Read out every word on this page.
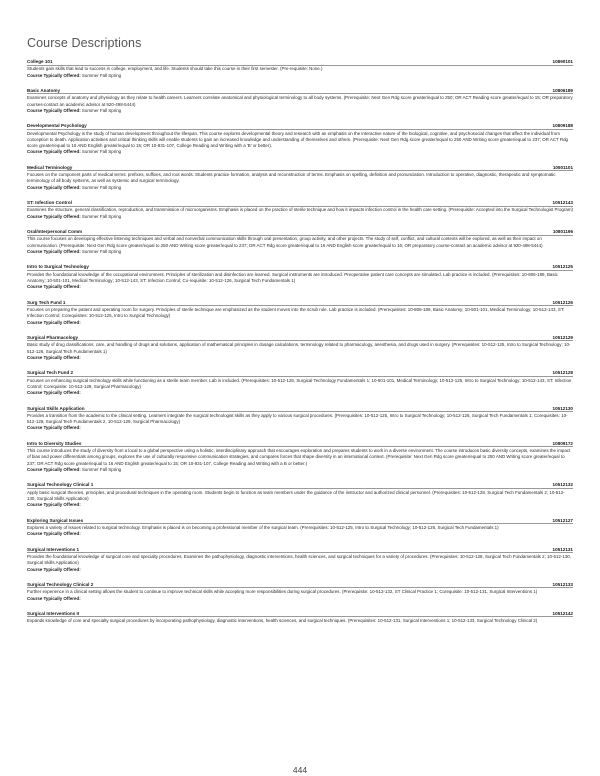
Course Descriptions
College 101	10890101
Students gain skills that lead to success in college, employment, and life. Students should take this course in their first semester. (Pre-requisite: None.)
Course Typically Offered: Summer Fall Spring
Basic Anatomy	10806189
Examines concepts of anatomy and physiology as they relate to health careers. Learners correlate anatomical and physiological terminology to all body systems. (Prerequisite: Next Gen Rdg score greater/equal to 250; OR ACT Reading score greater/equal to 15; OR preparatory courses-contact an academic advisor at 920-498-5444)
Course Typically Offered: Summer Fall Spring
Developmental Psychology	10809188
Developmental Psychology is the study of human development throughout the lifespan. This course explores developmental theory and research with an emphasis on the interactive nature of the biological, cognitive, and psychosocial changes that affect the individual from conception to death. Application activities and critical thinking skills will enable students to gain an increased knowledge and understanding of themselves and others. (Prerequisite: Next Gen Rdg score greater/equal to 250 AND Writing score greater/equal to 237; OR ACT Rdg score greater/equal to 16 AND English greater/equal to 15; OR 10-831-107, College Reading and Writing with a 'B' or better).
Course Typically Offered: Summer Fall Spring
Medical Terminology	10501101
Focuses on the component parts of medical terms: prefixes, suffixes, and root words. Students practice formation, analysis and reconstruction of terms. Emphasis on spelling, definition and pronunciation. Introduction to operative, diagnostic, therapeutic and symptomatic terminology of all body systems, as well as systemic and surgical terminology.
Course Typically Offered: Summer Fall Spring
ST: Infection Control	10512143
Examines the structure, general classification, reproduction, and transmission of microorganisms. Emphasis is placed on the practice of sterile technique and how it impacts infection control in the health care setting. (Prerequisite: Accepted into the Surgical Technologist Program)
Course Typically Offered: Summer Fall Spring
Oral/Interpersonal Comm	10801196
This course focuses on developing effective listening techniques and verbal and nonverbal communication skills through oral presentation, group activity, and other projects. The study of self, conflict, and cultural contexts will be explored, as well as their impact on communication. (Prerequisite: Next Gen Rdg score greater/equal to 250 AND Writing score greater/equal to 237; OR ACT Rdg score greater/equal to 16 AND English score greater/equal to 16; OR preparatory course-contact an academic advisor at 920-498-5444)
Course Typically Offered: Summer Fall Spring
Intro to Surgical Technology	10512125
Provides the foundational knowledge of the occupational environment. Principles of sterilization and disinfection are learned. Surgical instruments are introduced. Preoperative patient care concepts are simulated. Lab practice is included. (Prerequisites: 10-806-189, Basic Anatomy; 10-501-101, Medical Terminology; 10-512-143, ST: Infection Control; Co-requisite: 10-512-126, Surgical Tech Fundamentals 1)
Course Typically Offered:
Surg Tech Fund 1	10512126
Focuses on preparing the patient and operating room for surgery. Principles of sterile technique are emphasized as the student moves into the scrub role. Lab practice is included. (Prerequisites: 10-806-189, Basic Anatomy; 10-501-101, Medical Terminology; 10-512-143, ST: Infection Control; Corequisites: 10-512-125, Intro to Surgical Technology)
Course Typically Offered:
Surgical Pharmacology	10512129
Basic study of drug classifications, care, and handling of drugs and solutions, application of mathematical principles in dosage calculations, terminology related to pharmacology, anesthesia, and drugs used in surgery. (Prerequisites: 10-512-125, Intro to Surgical Technology; 10-512-126, Surgical Tech Fundamentals 1)
Course Typically Offered:
Surgical Tech Fund 2	10512128
Focuses on enhancing surgical technology skills while functioning as a sterile team member. Lab is included. (Prerequisites: 10-512-126, Surgical Technology Fundamentals 1; 10-501-101, Medical Terminology; 10-512-125, Intro to Surgical Technology; 10-512-143, ST: Infection Control; Corequisite: 10-512-129, Surgical Pharmacology)
Course Typically Offered:
Surgical Skills Application	10512130
Provides a transition from the academic to the clinical setting. Learners integrate the surgical technologist skills as they apply to various surgical procedures. (Prerequisites: 10-512-125, Intro to Surgical Technology; 10-512-126, Surgical Tech Fundamentals 1; Corequisites: 10-512-128, Surgical Tech Fundamentals 2, 10-512-129, Surgical Pharmacology)
Course Typically Offered:
Intro to Diversity Studies	10809172
This course introduces the study of diversity from a local to a global perspective using a holistic, interdisciplinary approach that encourages exploration and prepares students to work in a diverse environment. The course introduces basic diversity concepts, examines the impact of bias and power differentials among groups, explores the use of culturally responsive communication strategies, and compares forces that shape diversity in an international context. (Prerequisite: Next Gen Rdg score greater/equal to 250 AND Writing score greater/equal to 237; OR ACT Rdg score greater/equal to 16 AND English greater/equal to 15; OR 10-831-107, College Reading and Writing with a B or better.)
Course Typically Offered: Summer Fall Spring
Surgical Technology Clinical 1	10512132
Apply basic surgical theories, principles, and procedural techniques in the operating room. Students begin to function as team members under the guidance of the instructor and authorized clinical personnel. (Prerequisites: 10-512-128, Surgical Tech Fundamentals 2; 10-512-130, Surgical Skills Application)
Course Typically Offered:
Exploring Surgical Issues	10512127
Explores a variety of issues related to surgical technology. Emphasis is placed is on becoming a professional member of the surgical team. (Prerequisites: 10-512-125, Intro to Surgical Technology; 10-512-126, Surgical Tech Fundamentals 1)
Course Typically Offered:
Surgical Interventions 1	10512131
Provides the foundational knowledge of surgical core and specialty procedures. Examines the pathophysiology, diagnostic interventions, health sciences, and surgical techniques for a variety of procedures. (Prerequisites: 10-512-128, Surgical Tech Fundamentals 2; 10-512-130, Surgical Skills Application)
Course Typically Offered:
Surgical Technology Clinical 2	10512133
Further experience in a clinical setting allows the student to continue to improve technical skills while accepting more responsibilities during surgical procedures. (Prerequisite: 10-512-132, ST Clinical Practice 1; Corequisite: 10-512-131, Surgical Interventions 1)
Course Typically Offered:
Surgical Interventions II	10512142
Expands knowledge of core and specialty surgical procedures by incorporating pathophysiology, diagnostic interventions, health sciences, and surgical techniques. (Prerequisites: 10-512-131, Surgical Interventions 1; 10-512-133, Surgical Technology Clinical 2)
444
